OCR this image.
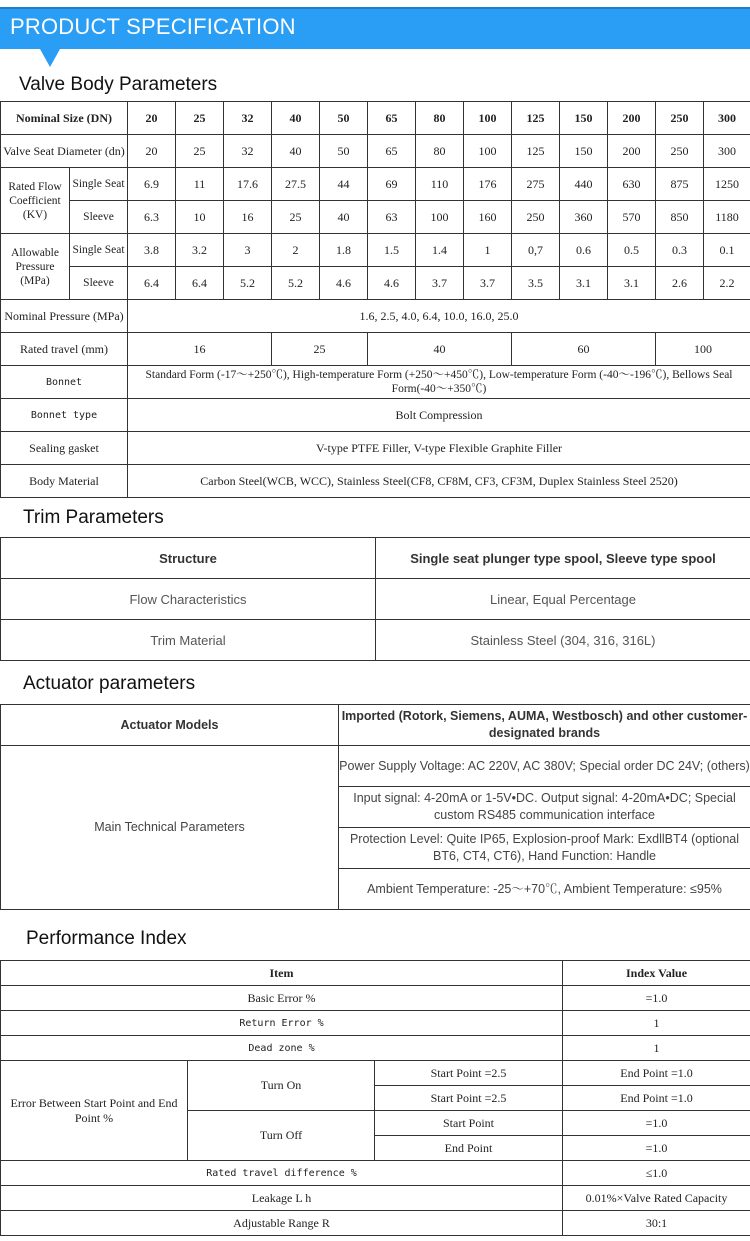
PRODUCT SPECIFICATION
Valve Body Parameters
Nominal Size (DN)		20	25	32	40	50	65	80	100	125	150	200	250	300
Valve Seat Diameter (dn)		20	25	32	40	50	65	80	100	125	150	200	250	300
Rated Flow Coefficient (KV)	Single Seat	6.9	11	17.6	27.5	44	69	110	176	275	440	630	875	1250
	Sleeve	6.3	10	16	25	40	63	100	160	250	360	570	850	1180
Allowable Pressure (MPa)	Single Seat	3.8	3.2	3	2	1.8	1.5	1.4	1	0,7	0.6	0.5	0.3	0.1
	Sleeve	6.4	6.4	5.2	5.2	4.6	4.6	3.7	3.7	3.5	3.1	3.1	2.6	2.2
Nominal Pressure (MPa)		1.6, 2.5, 4.0, 6.4, 10.0, 16.0, 25.0												
Rated travel (mm)		16			25		40			60			100	
Bonnet		Standard Form (-17～+250℃), High-temperature Form (+250～+450℃), Low-temperature Form (-40～-196℃), Bellows Seal Form(-40～+350℃)												
Bonnet type		Bolt Compression												
Sealing gasket		V-type PTFE Filler, V-type Flexible Graphite Filler												
Body Material		Carbon Steel(WCB, WCC), Stainless Steel(CF8, CF8M, CF3, CF3M, Duplex Stainless Steel 2520)												
Trim Parameters
Structure	Single seat plunger type spool, Sleeve type spool
Flow Characteristics	Linear, Equal Percentage
Trim Material	Stainless Steel (304, 316, 316L)
Actuator parameters
Actuator Models	Imported (Rotork, Siemens, AUMA, Westbosch) and other customer-designated brands
Main Technical Parameters	Power Supply Voltage: AC 220V, AC 380V; Special order DC 24V; (others)
	Input signal: 4-20mA or 1-5V•DC. Output signal: 4-20mA•DC; Special custom RS485 communication interface
	Protection Level: Quite IP65, Explosion-proof Mark: ExdllBT4 (optional BT6, CT4, CT6), Hand Function: Handle
	Ambient Temperature: -25～+70℃, Ambient Temperature: ≤95%
Performance Index
Item			Index Value
Basic Error %			=1.0
Return Error %			1
Dead zone %			1
Error Between Start Point and End Point %	Turn On	Start Point =2.5	End Point =1.0
		Start Point =2.5	End Point =1.0
	Turn Off	Start Point	=1.0
		End Point	=1.0
Rated travel difference %			≤1.0
Leakage L h			0.01%×Valve Rated Capacity
Adjustable Range R			30:1
